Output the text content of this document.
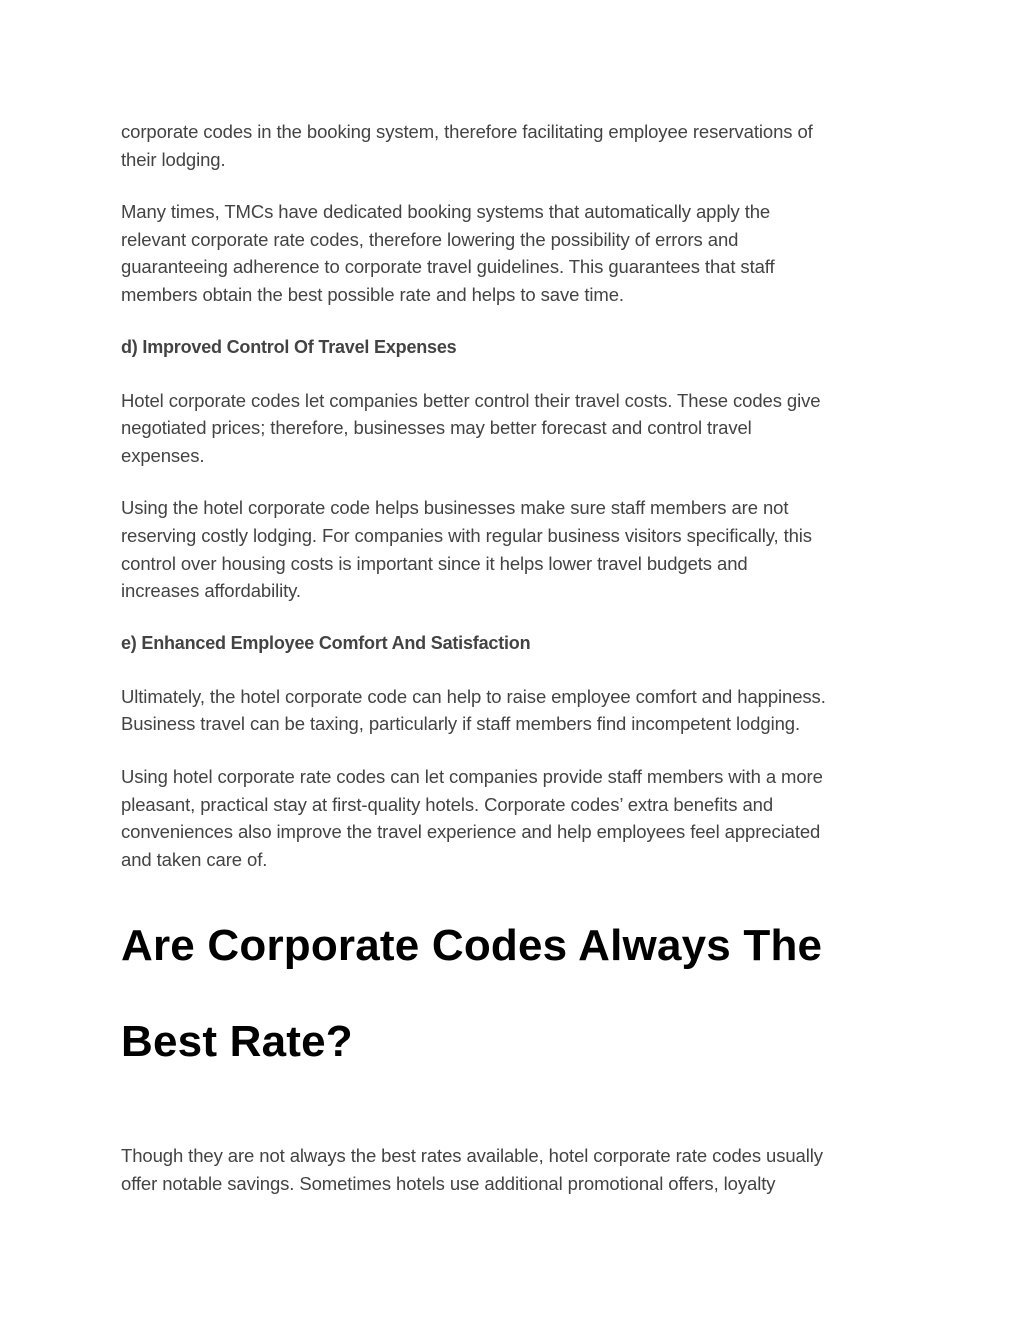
corporate codes in the booking system, therefore facilitating employee reservations of
their lodging.

Many times, TMCs have dedicated booking systems that automatically apply the
relevant corporate rate codes, therefore lowering the possibility of errors and
guaranteeing adherence to corporate travel guidelines. This guarantees that staff
members obtain the best possible rate and helps to save time.

d) Improved Control Of Travel Expenses

Hotel corporate codes let companies better control their travel costs. These codes give
negotiated prices; therefore, businesses may better forecast and control travel
expenses.

Using the hotel corporate code helps businesses make sure staff members are not
reserving costly lodging. For companies with regular business visitors specifically, this
control over housing costs is important since it helps lower travel budgets and
increases affordability.

e) Enhanced Employee Comfort And Satisfaction

Ultimately, the hotel corporate code can help to raise employee comfort and happiness.
Business travel can be taxing, particularly if staff members find incompetent lodging.

Using hotel corporate rate codes can let companies provide staff members with a more
pleasant, practical stay at first-quality hotels. Corporate codes’ extra benefits and
conveniences also improve the travel experience and help employees feel appreciated
and taken care of.

Are Corporate Codes Always The
Best Rate?

Though they are not always the best rates available, hotel corporate rate codes usually
offer notable savings. Sometimes hotels use additional promotional offers, loyalty
